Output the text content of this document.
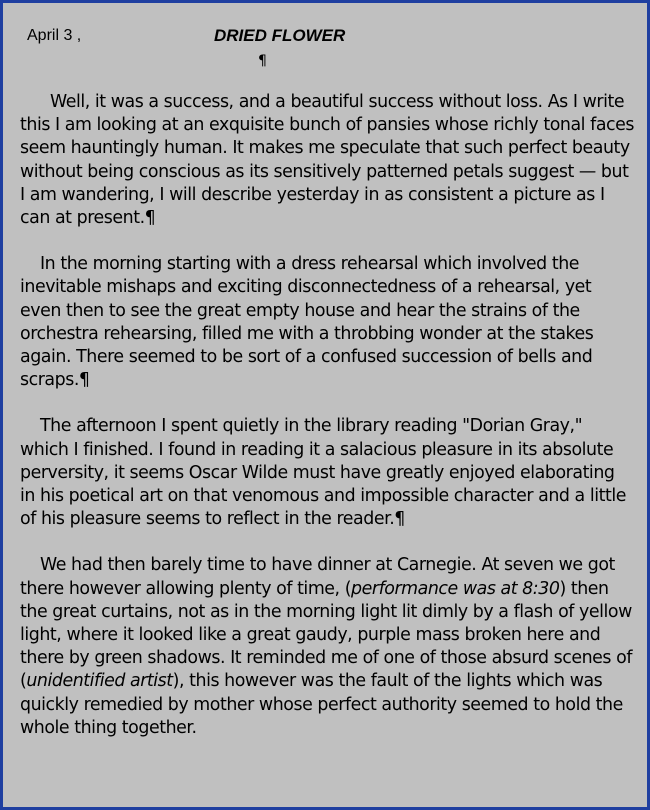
April 3 ,	DRIED FLOWER
¶

Well, it was a success, and a beautiful success without loss. As I write this I am looking at an exquisite bunch of pansies whose richly tonal faces seem hauntingly human. It makes me speculate that such perfect beauty without being conscious as its sensitively patterned petals suggest — but I am wandering, I will describe yesterday in as consistent a picture as I can at present.¶

In the morning starting with a dress rehearsal which involved the inevitable mishaps and exciting disconnectedness of a rehearsal, yet even then to see the great empty house and hear the strains of the orchestra rehearsing, filled me with a throbbing wonder at the stakes again. There seemed to be sort of a confused succession of bells and scraps.¶

The afternoon I spent quietly in the library reading "Dorian Gray," which I finished. I found in reading it a salacious pleasure in its absolute perversity, it seems Oscar Wilde must have greatly enjoyed elaborating in his poetical art on that venomous and impossible character and a little of his pleasure seems to reflect in the reader.¶

We had then barely time to have dinner at Carnegie. At seven we got there however allowing plenty of time, (performance was at 8:30) then the great curtains, not as in the morning light lit dimly by a flash of yellow light, where it looked like a great gaudy, purple mass broken here and there by green shadows. It reminded me of one of those absurd scenes of (unidentified artist), this however was the fault of the lights which was quickly remedied by mother whose perfect authority seemed to hold the whole thing together.
